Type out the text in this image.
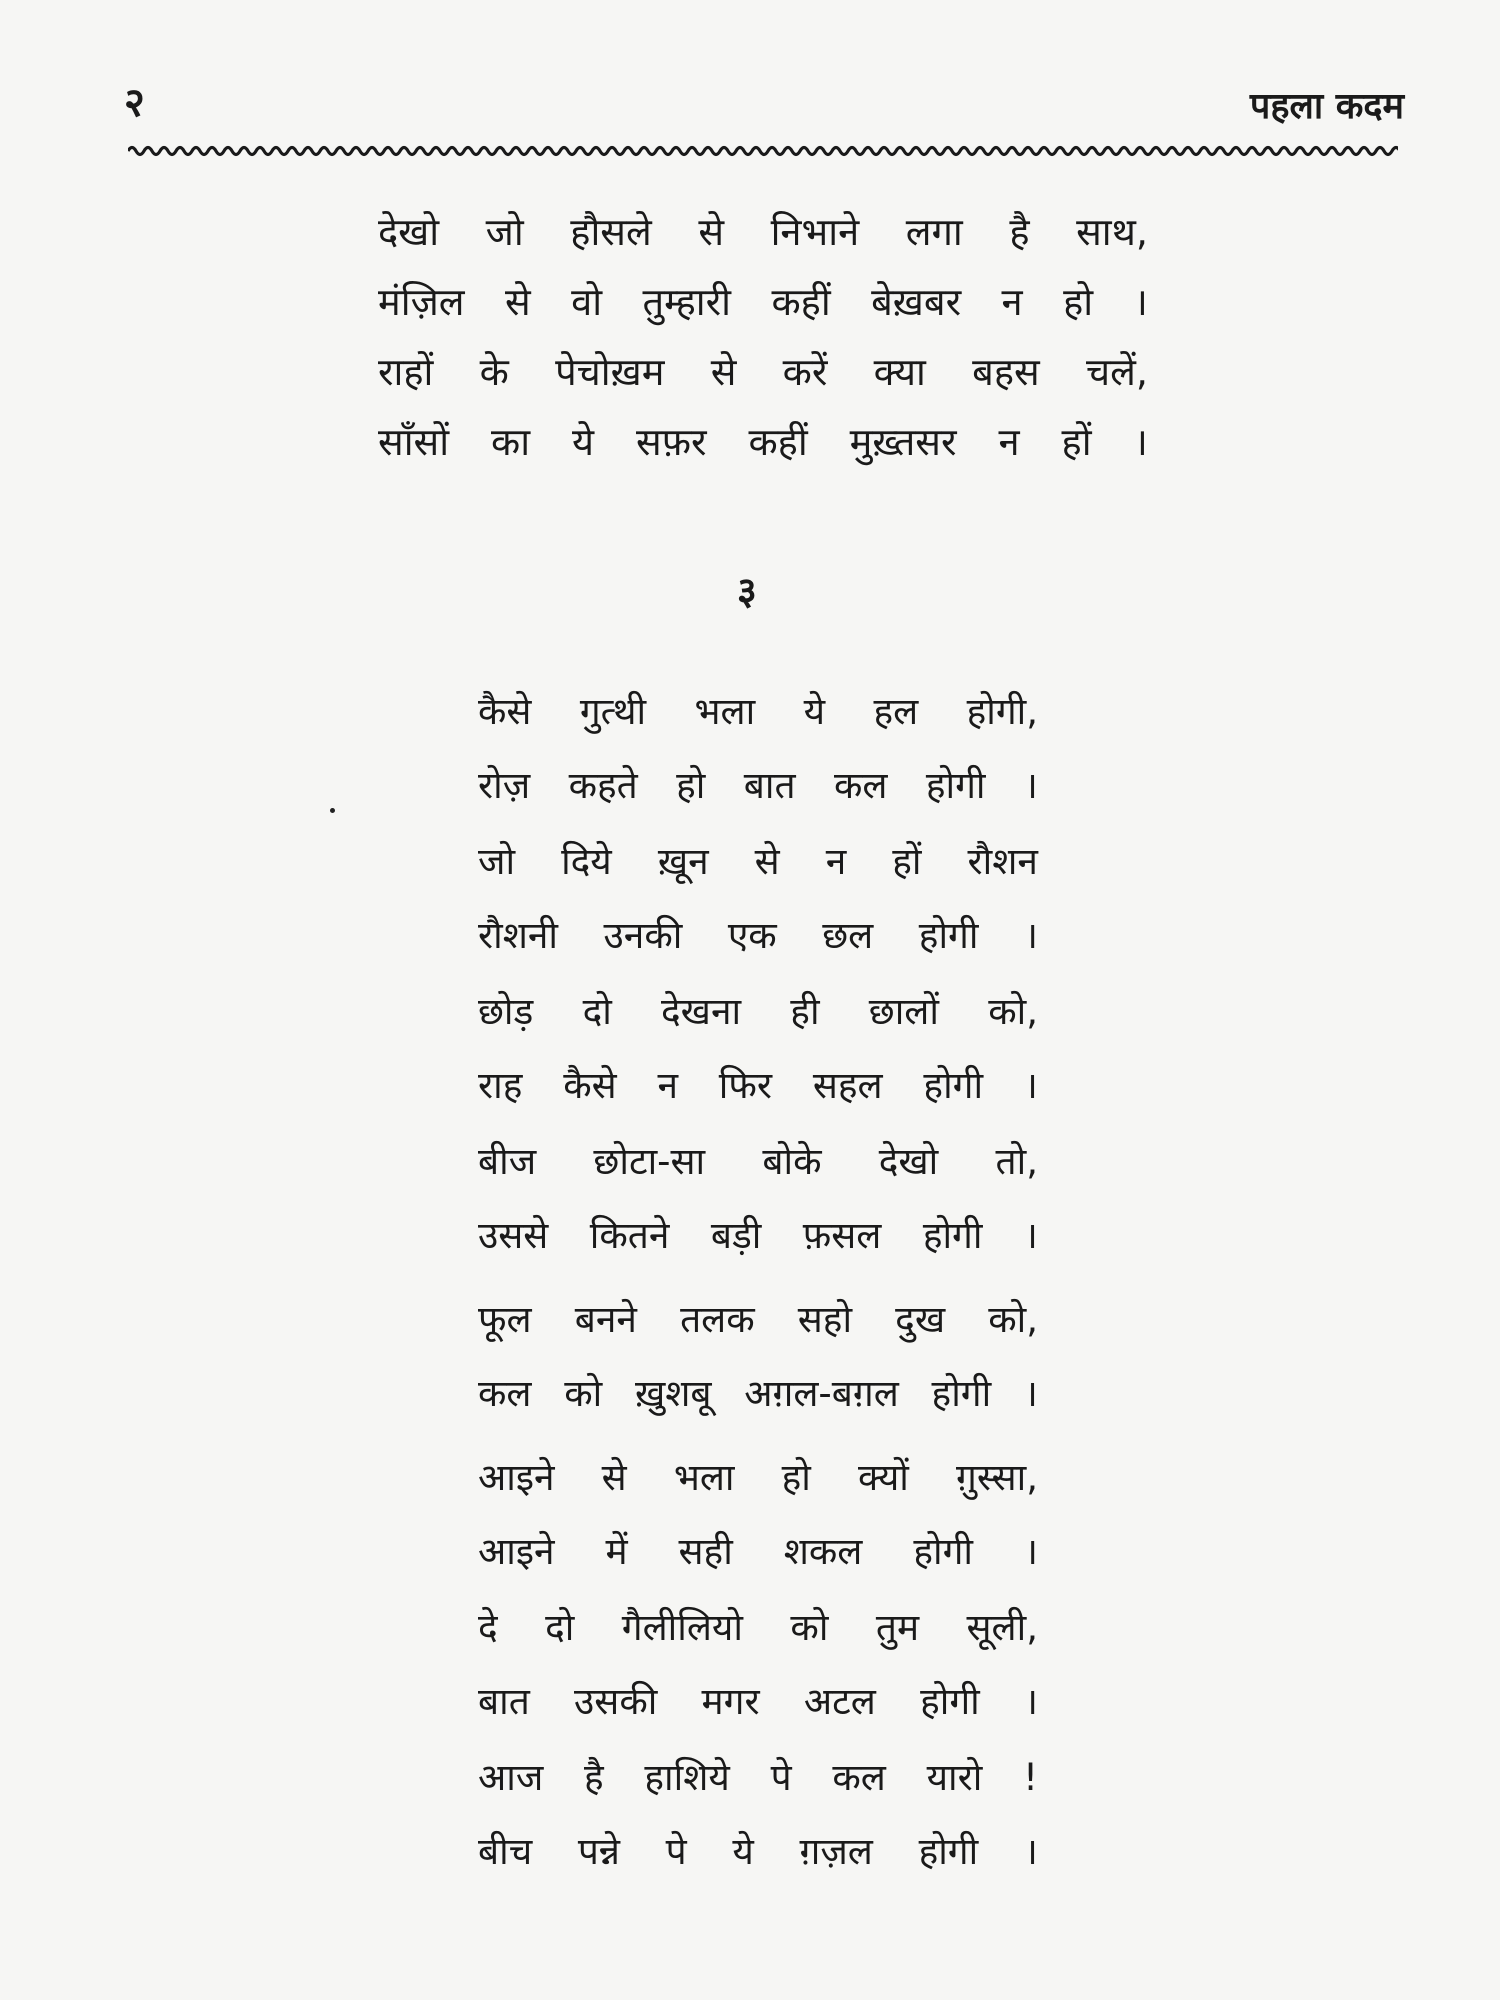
२	पहला कदम
देखो जो हौसले से निभाने लगा है साथ,
मंज़िल से वो तुम्हारी कहीं बेख़बर न हो ।
राहों के पेचोख़म से करें क्या बहस चलें,
साँसों का ये सफ़र कहीं मुख़्तसर न हों ।
३
कैसे गुत्थी भला ये हल होगी,
रोज़ कहते हो बात कल होगी ।
जो दिये ख़ून से न हों रौशन
रौशनी उनकी एक छल होगी ।
छोड़ दो देखना ही छालों को,
राह कैसे न फिर सहल होगी ।
बीज छोटा-सा बोके देखो तो,
उससे कितने बड़ी फ़सल होगी ।
फूल बनने तलक सहो दुख को,
कल को ख़ुशबू अग़ल-बग़ल होगी ।
आइने से भला हो क्यों ग़ुस्सा,
आइने में सही शकल होगी ।
दे दो गैलीलियो को तुम सूली,
बात उसकी मगर अटल होगी ।
आज है हाशिये पे कल यारो !
बीच पन्ने पे ये ग़ज़ल होगी ।
